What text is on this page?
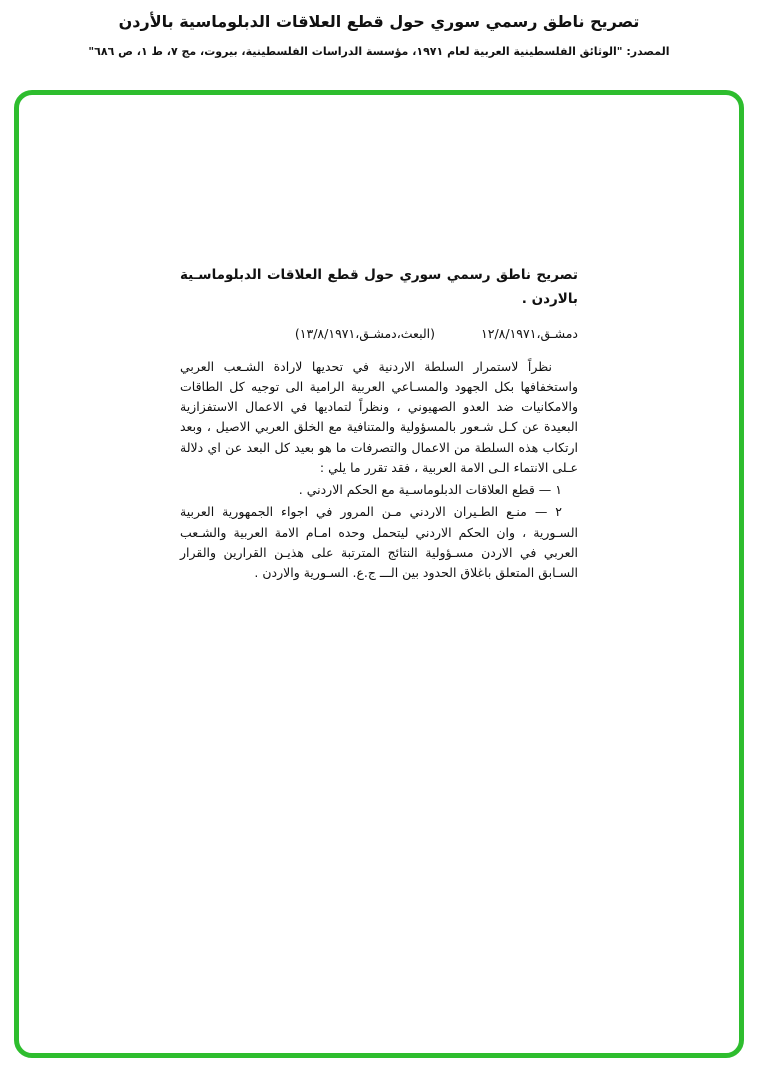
تصريح ناطق رسمي سوري حول قطع العلاقات الدبلوماسية بالأردن
المصدر: "الوثائق الفلسطينية العربية لعام ١٩٧١، مؤسسة الدراسات الفلسطينية، بيروت، مج ٧، ط ١، ص ٦٨٦"
تصريح ناطق رسمي سوري حول قطع العلاقات الدبلوماسـية بالاردن .
دمشـق،١٢/٨/١٩٧١
(البعث،دمشـق،١٣/٨/١٩٧١)

نظراً لاستمرار السلطة الاردنية في تحديها لارادة الشـعب العربي واستخفافها بكل الجهود والمسـاعي العربية الرامية الى توجيه كل الطاقات والامكانيات ضد العدو الصهيوني ، ونظراً لتماديها في الاعمال الاستفزازية البعيدة عن كـل شـعور بالمسؤولية والمتنافية مع الخلق العربي الاصيل ، وبعد ارتكاب هذه السلطة من الاعمال والتصرفات ما هو بعيد كل البعد عن اي دلالة عـلى الانتماء الـى الامة العربية ، فقد تقرر ما يلي :

١ — قطع العلاقات الدبلوماسـية مع الحكم الاردني .

٢ — منـع الطـيران الاردني مـن المرور في اجواء الجمهورية العربية السـورية ، وان الحكم الاردني ليتحمل وحده امـام الامة العربية والشـعب العربي في الاردن مسـؤولية النتائج المترتبة على هذيـن القرارين والقرار السـابق المتعلق باغلاق الحدود بين الـــ ج.ع. السـورية والاردن .
